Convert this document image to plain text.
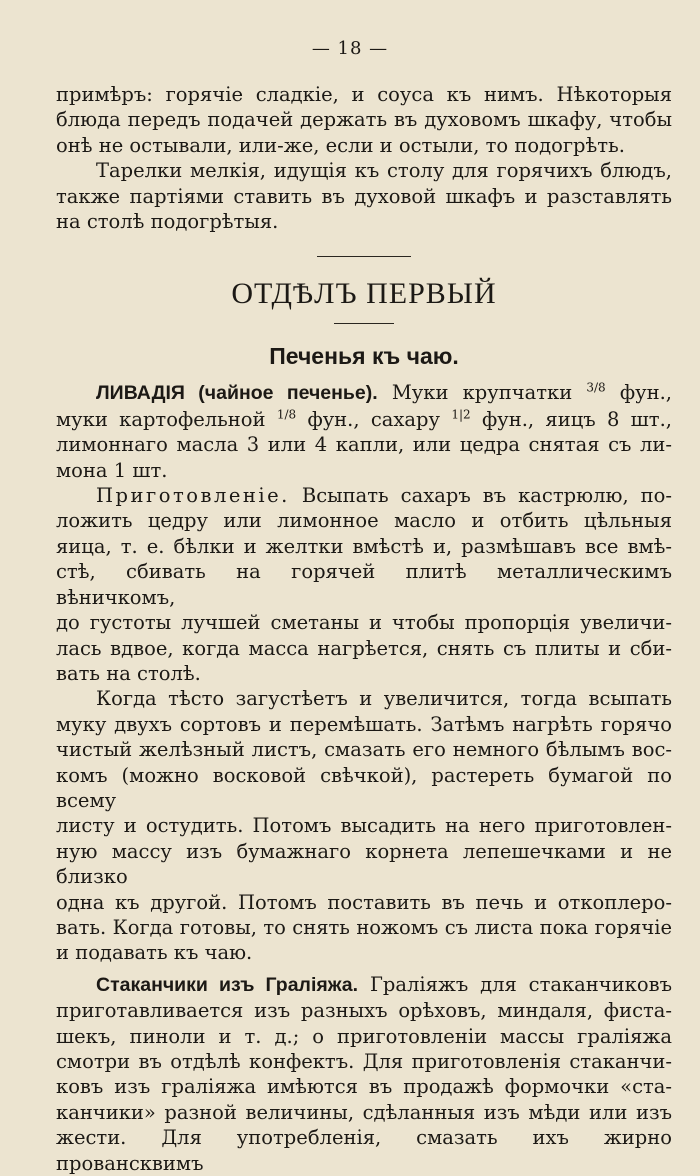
— 18 —

примѣръ: горячіе сладкіе, и соуса къ нимъ. Нѣкоторыя

блюда передъ подачей держать въ духовомъ шкафу, чтобы

онѣ не остывали, или-же, если и остыли, то подогрѣть.

Тарелки мелкія, идущія къ столу для горячихъ блюдъ,

также партіями ставить въ духовой шкафъ и разставлять

на столѣ подогрѣтыя.

ОТДѢЛЪ ПЕРВЫЙ
Печенья къ чаю.

ЛИВАДІЯ (чайное печенье). Муки крупчатки $^{3/8}$ фун.,

муки картофельной $^{1/8}$ фун., сахару $^{1|2}$ фун., яицъ 8 шт.,

лимоннаго масла 3 или 4 капли, или цедра снятая съ ли-

мона 1 шт.

Приготовленіе. Всыпать сахаръ въ кастрюлю, по-

ложить цедру или лимонное масло и отбить цѣльныя

яица, т. е. бѣлки и желтки вмѣстѣ и, размѣшавъ все вмѣ-

стѣ, сбивать на горячей плитѣ металлическимъ вѣничкомъ,

до густоты лучшей сметаны и чтобы пропорція увеличи-

лась вдвое, когда масса нагрѣется, снять съ плиты и сби-

вать на столѣ.

Когда тѣсто загустѣетъ и увеличится, тогда всыпать

муку двухъ сортовъ и перемѣшать. Затѣмъ нагрѣть горячо

чистый желѣзный листъ, смазать его немного бѣлымъ вос-

комъ (можно восковой свѣчкой), растереть бумагой по всему

листу и остудить. Потомъ высадить на него приготовлен-

ную массу изъ бумажнаго корнета лепешечками и не близко

одна къ другой. Потомъ поставить въ печь и откоплеро-

вать. Когда готовы, то снять ножомъ съ листа пока горячіе

и подавать къ чаю.

Стаканчики изъ Граліяжа. Граліяжъ для стаканчиковъ

приготавливается изъ разныхъ орѣховъ, миндаля, фиста-

шекъ, пиноли и т. д.; о приготовленіи массы граліяжа

смотри въ отдѣлѣ конфектъ. Для приготовленія стаканчи-

ковъ изъ граліяжа имѣются въ продажѣ формочки «ста-

канчики» разной величины, сдѣланныя изъ мѣди или изъ

жести. Для употребленія, смазать ихъ жирно провансквимъ
